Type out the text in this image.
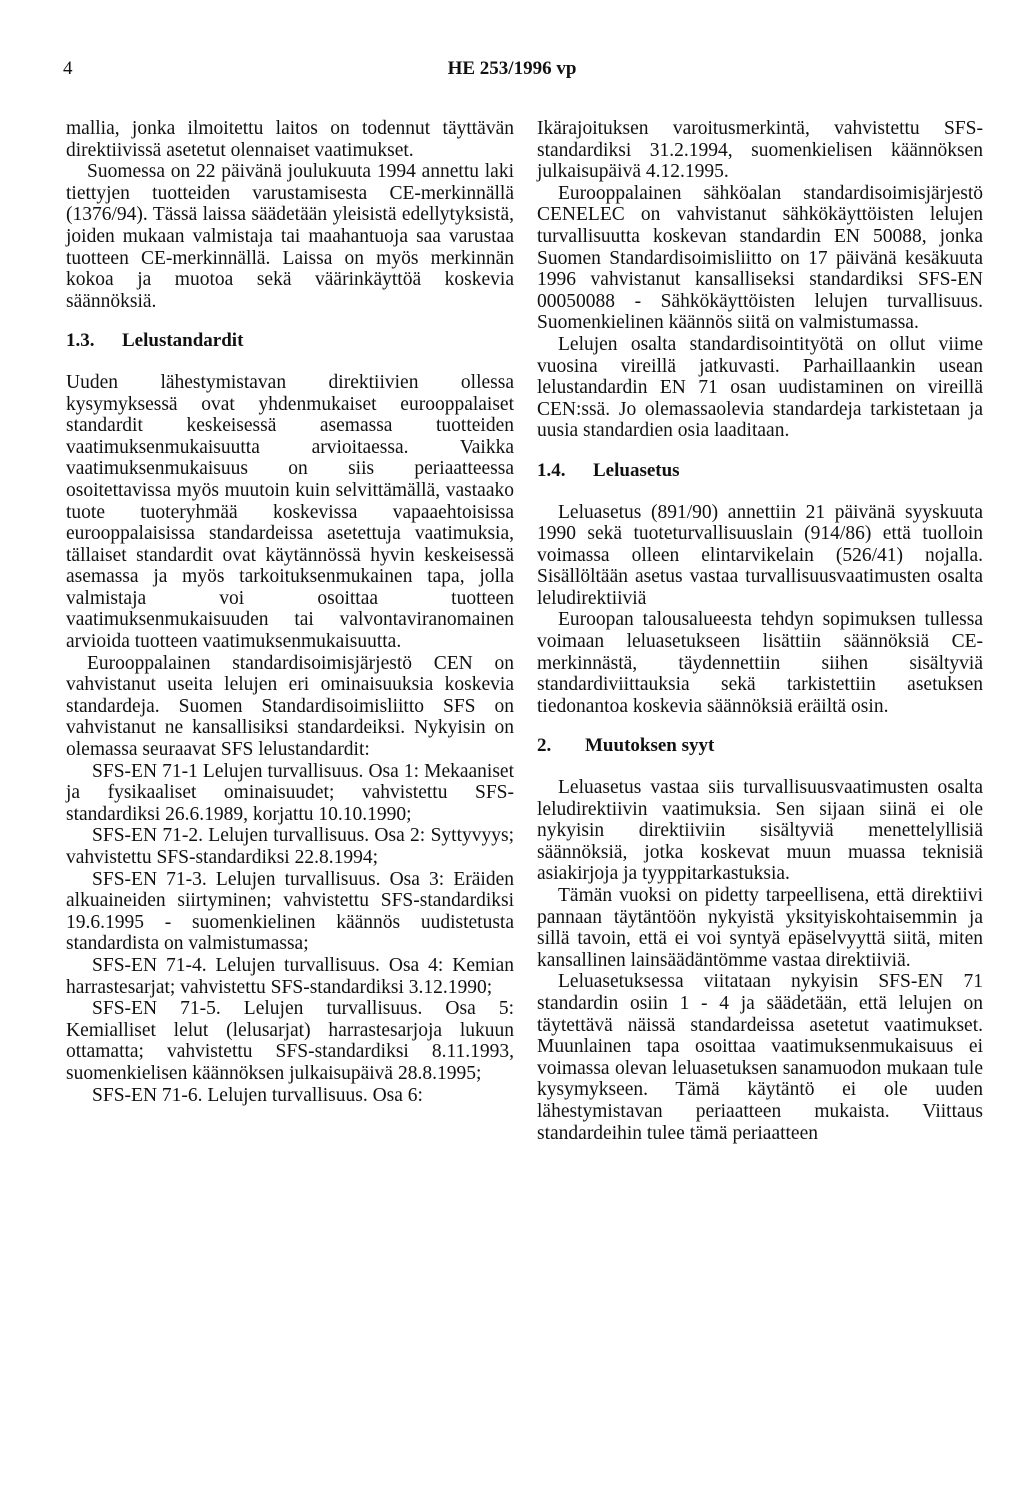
4	HE 253/1996 vp

mallia, jonka ilmoitettu laitos on todennut täyttävän direktiivissä asetetut olennaiset vaatimukset.

Suomessa on 22 päivänä joulukuuta 1994 annettu laki tiettyjen tuotteiden varustamisesta CE-merkinnällä (1376/94). Tässä laissa säädetään yleisistä edellytyksistä, joiden mukaan valmistaja tai maahantuoja saa varustaa tuotteen CE-merkinnällä. Laissa on myös merkinnän kokoa ja muotoa sekä väärinkäyttöä koskevia säännöksiä.

1.3.	Lelustandardit

Uuden lähestymistavan direktiivien ollessa kysymyksessä ovat yhdenmukaiset eurooppalaiset standardit keskeisessä asemassa tuotteiden vaatimuksenmukaisuutta arvioitaessa. Vaikka vaatimuksenmukaisuus on siis periaatteessa osoitettavissa myös muutoin kuin selvittämällä, vastaako tuote tuoteryhmää koskevissa vapaaehtoisissa eurooppalaisissa standardeissa asetettuja vaatimuksia, tällaiset standardit ovat käytännössä hyvin keskeisessä asemassa ja myös tarkoituksenmukainen tapa, jolla valmistaja voi osoittaa tuotteen vaatimuksenmukaisuuden tai valvontaviranomainen arvioida tuotteen vaatimuksenmukaisuutta.

Eurooppalainen standardisoimisjärjestö CEN on vahvistanut useita lelujen eri ominaisuuksia koskevia standardeja. Suomen Standardisoimisliitto SFS on vahvistanut ne kansallisiksi standardeiksi. Nykyisin on olemassa seuraavat SFS lelustandardit:

SFS-EN 71-1 Lelujen turvallisuus. Osa 1: Mekaaniset ja fysikaaliset ominaisuudet; vahvistettu SFS-standardiksi 26.6.1989, korjattu 10.10.1990;

SFS-EN 71-2. Lelujen turvallisuus. Osa 2: Syttyvyys; vahvistettu SFS-standardiksi 22.8.1994;

SFS-EN 71-3. Lelujen turvallisuus. Osa 3: Eräiden alkuaineiden siirtyminen; vahvistettu SFS-standardiksi 19.6.1995 - suomenkielinen käännös uudistetusta standardista on valmistumassa;

SFS-EN 71-4. Lelujen turvallisuus. Osa 4: Kemian harrastesarjat; vahvistettu SFS-standardiksi 3.12.1990;

SFS-EN 71-5. Lelujen turvallisuus. Osa 5: Kemialliset lelut (lelusarjat) harrastesarjoja lukuun ottamatta; vahvistettu SFS-standardiksi 8.11.1993, suomenkielisen käännöksen julkaisupäivä 28.8.1995;

SFS-EN 71-6. Lelujen turvallisuus. Osa 6:

Ikärajoituksen varoitusmerkintä, vahvistettu SFS-standardiksi 31.2.1994, suomenkielisen käännöksen julkaisupäivä 4.12.1995.

Eurooppalainen sähköalan standardisoimisjärjestö CENELEC on vahvistanut sähkökäyttöisten lelujen turvallisuutta koskevan standardin EN 50088, jonka Suomen Standardisoimisliitto on 17 päivänä kesäkuuta 1996 vahvistanut kansalliseksi standardiksi SFS-EN 00050088 - Sähkökäyttöisten lelujen turvallisuus. Suomenkielinen käännös siitä on valmistumassa.

Lelujen osalta standardisointityötä on ollut viime vuosina vireillä jatkuvasti. Parhaillaankin usean lelustandardin EN 71 osan uudistaminen on vireillä CEN:ssä. Jo olemassaolevia standardeja tarkistetaan ja uusia standardien osia laaditaan.

1.4.	Leluasetus

Leluasetus (891/90) annettiin 21 päivänä syyskuuta 1990 sekä tuoteturvallisuuslain (914/86) että tuolloin voimassa olleen elintarvikelain (526/41) nojalla. Sisällöltään asetus vastaa turvallisuusvaatimusten osalta leludirektiiviä

Euroopan talousalueesta tehdyn sopimuksen tullessa voimaan leluasetukseen lisättiin säännöksiä CE-merkinnästä, täydennettiin siihen sisältyviä standardiviittauksia sekä tarkistettiin asetuksen tiedonantoa koskevia säännöksiä eräiltä osin.

2.	Muutoksen syyt

Leluasetus vastaa siis turvallisuusvaatimusten osalta leludirektiivin vaatimuksia. Sen sijaan siinä ei ole nykyisin direktiiviin sisältyviä menettelyllisiä säännöksiä, jotka koskevat muun muassa teknisiä asiakirjoja ja tyyppitarkastuksia.

Tämän vuoksi on pidetty tarpeellisena, että direktiivi pannaan täytäntöön nykyistä yksityiskohtaisemmin ja sillä tavoin, että ei voi syntyä epäselvyyttä siitä, miten kansallinen lainsäädäntömme vastaa direktiiviä.

Leluasetuksessa viitataan nykyisin SFS-EN 71 standardin osiin 1 - 4 ja säädetään, että lelujen on täytettävä näissä standardeissa asetetut vaatimukset. Muunlainen tapa osoittaa vaatimuksenmukaisuus ei voimassa olevan leluasetuksen sanamuodon mukaan tule kysymykseen. Tämä käytäntö ei ole uuden lähestymistavan periaatteen mukaista. Viittaus standardeihin tulee tämä periaatteen
